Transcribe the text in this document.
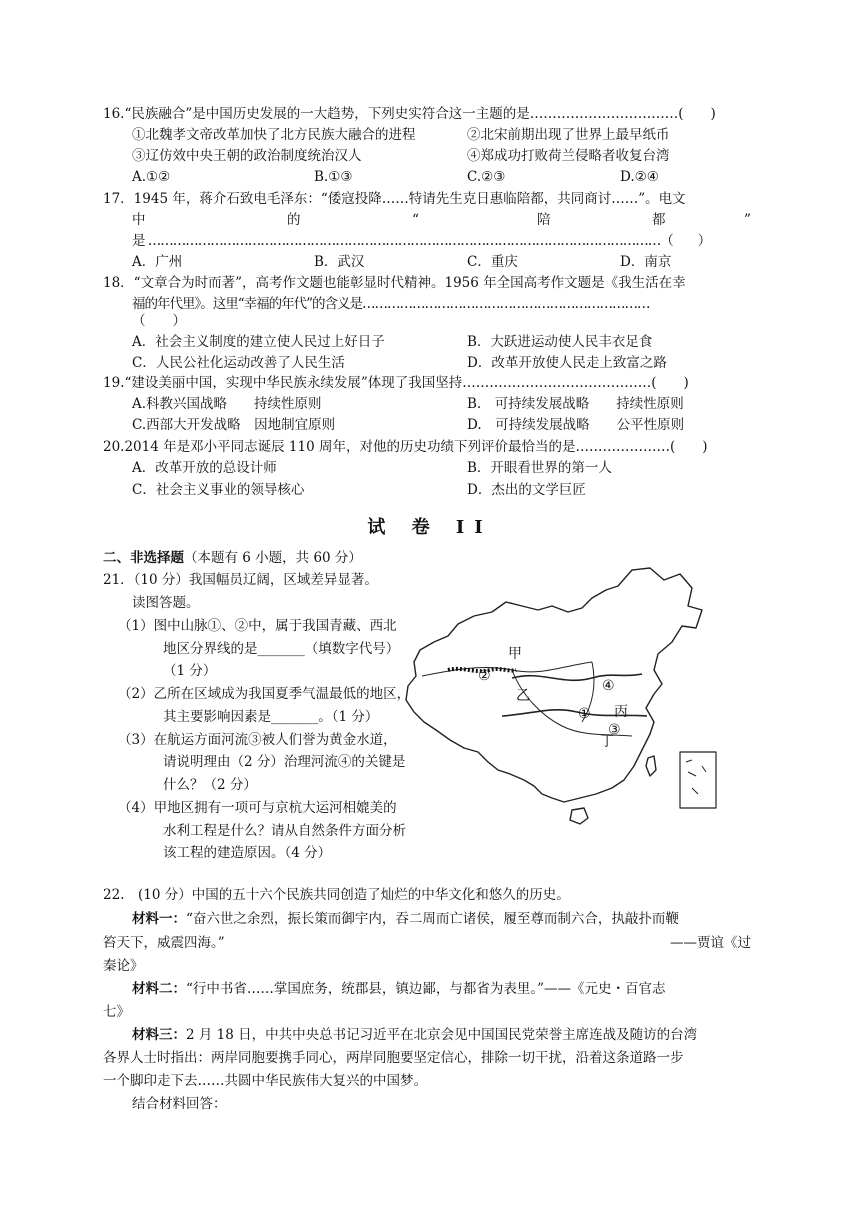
16.“民族融合”是中国历史发展的一大趋势，下列史实符合这一主题的是……………………………(　　)
①北魏孝文帝改革加快了北方民族大融合的进程	②北宋前期出现了世界上最早纸币
③辽仿效中央王朝的政治制度统治汉人	④郑成功打败荷兰侵略者收复台湾
A.①②	B.①③	C.②③	D.②④
17．1945 年，蒋介石致电毛泽东：“倭寇投降……特请先生克日惠临陪都，共同商讨……”。电文
中	的	“	陪	都	”
是 ……………………………………………………………………………………………………………（　　）
A．广州	B．武汉	C．重庆	D．南京
18．“文章合为时而著”，高考作文题也能彰显时代精神。1956 年全国高考作文题是《我生活在幸
福的年代里》。这里“幸福的年代”的含义是……………………………………………………………
（　　）
A．社会主义制度的建立使人民过上好日子	B．大跃进运动使人民丰衣足食
C．人民公社化运动改善了人民生活	D．改革开放使人民走上致富之路
19.“建设美丽中国，实现中华民族永续发展”体现了我国坚持……………………………………(　　)
A.科教兴国战略　　持续性原则	B.　可持续发展战略　　持续性原则
C.西部大开发战略　因地制宜原则	D.　可持续发展战略　　公平性原则
20.2014 年是邓小平同志诞辰 110 周年，对他的历史功绩下列评价最恰当的是…………………(　　)
A．改革开放的总设计师	B．开眼看世界的第一人
C．社会主义事业的领导核心	D．杰出的文学巨匠
试 卷 II
二、非选择题（本题有 6 小题，共 60 分）
21．（10 分）我国幅员辽阔，区域差异显著。
读图答题。
（1）图中山脉①、②中，属于我国青藏、西北
地区分界线的是_______（填数字代号）
（1 分）
（2）乙所在区域成为我国夏季气温最低的地区，
其主要影响因素是_______。（1 分）
（3）在航运方面河流③被人们誉为黄金水道，
请说明理由（2 分）治理河流④的关键是
什么？（2 分）
（4）甲地区拥有一项可与京杭大运河相媲美的
水利工程是什么？请从自然条件方面分析
该工程的建造原因。（4 分）
甲
乙
丙
丁
①
②
③
④
22.　(10 分）中国的五十六个民族共同创造了灿烂的中华文化和悠久的历史。
材料一：“奋六世之余烈，振长策而御宇内，吞二周而亡诸侯，履至尊而制六合，执敲扑而鞭
笞天下，威震四海。”	——贾谊《过
秦论》
材料二：“行中书省……掌国庶务，统郡县，镇边鄙，与都省为表里。”——《元史・百官志
七》
材料三：2 月 18 日，中共中央总书记习近平在北京会见中国国民党荣誉主席连战及随访的台湾
各界人士时指出：两岸同胞要携手同心，两岸同胞要坚定信心，排除一切干扰，沿着这条道路一步
一个脚印走下去……共圆中华民族伟大复兴的中国梦。
结合材料回答：
